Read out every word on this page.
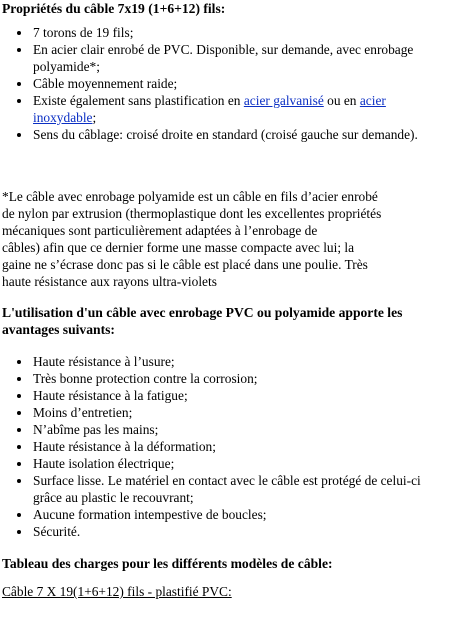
Propriétés du câble 7x19 (1+6+12) fils:
7 torons de 19 fils;
En acier clair enrobé de PVC. Disponible, sur demande, avec enrobage polyamide*;
Câble moyennement raide;
Existe également sans plastification en acier galvanisé ou en acier inoxydable;
Sens du câblage: croisé droite en standard (croisé gauche sur demande).
*Le câble avec enrobage polyamide est un câble en fils d’acier enrobé
de nylon par extrusion (thermoplastique dont les excellentes propriétés
mécaniques sont particulièrement adaptées à l’enrobage de
câbles) afin que ce dernier forme une masse compacte avec lui; la
gaine ne s’écrase donc pas si le câble est placé dans une poulie. Très
haute résistance aux rayons ultra-violets
L'utilisation d'un câble avec enrobage PVC ou polyamide apporte les avantages suivants:
Haute résistance à l’usure;
Très bonne protection contre la corrosion;
Haute résistance à la fatigue;
Moins d’entretien;
N’abîme pas les mains;
Haute résistance à la déformation;
Haute isolation électrique;
Surface lisse. Le matériel en contact avec le câble est protégé de celui-ci grâce au plastic le recouvrant;
Aucune formation intempestive de boucles;
Sécurité.
Tableau des charges pour les différents modèles de câble:
Câble 7 X 19(1+6+12) fils - plastifié PVC:
